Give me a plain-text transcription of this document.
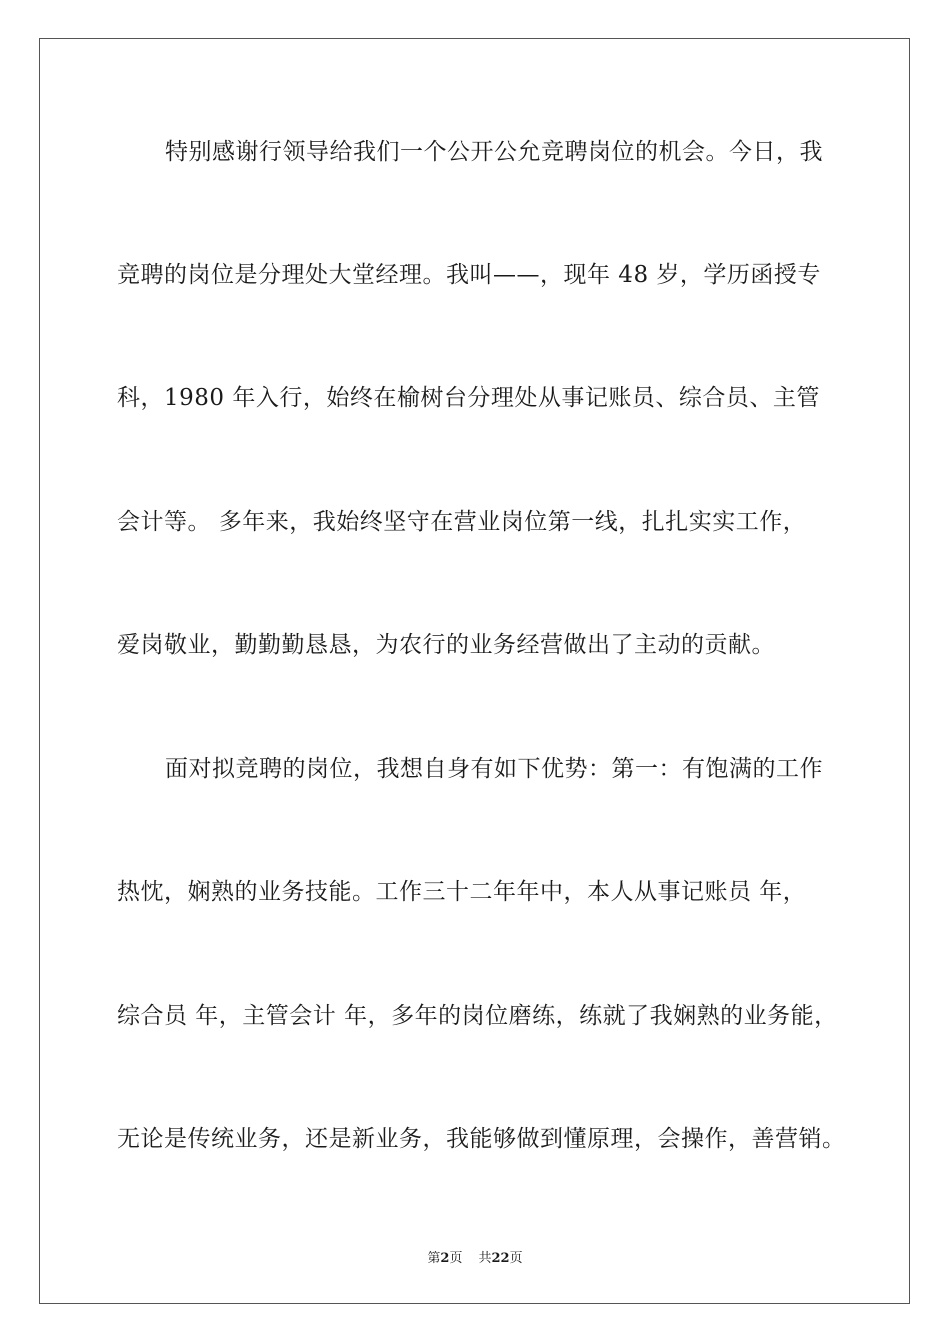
特别感谢行领导给我们一个公开公允竞聘岗位的机会。今日，我
竞聘的岗位是分理处大堂经理。我叫——，现年 48 岁，学历函授专
科，1980 年入行，始终在榆树台分理处从事记账员、综合员、主管
会计等。 多年来，我始终坚守在营业岗位第一线，扎扎实实工作，
爱岗敬业，勤勤勤恳恳，为农行的业务经营做出了主动的贡献。
面对拟竞聘的岗位，我想自身有如下优势：第一：有饱满的工作
热忱，娴熟的业务技能。工作三十二年年中，本人从事记账员 年，
综合员 年，主管会计 年，多年的岗位磨练，练就了我娴熟的业务能，
无论是传统业务，还是新业务，我能够做到懂原理，会操作，善营销。
第2页 共22页
